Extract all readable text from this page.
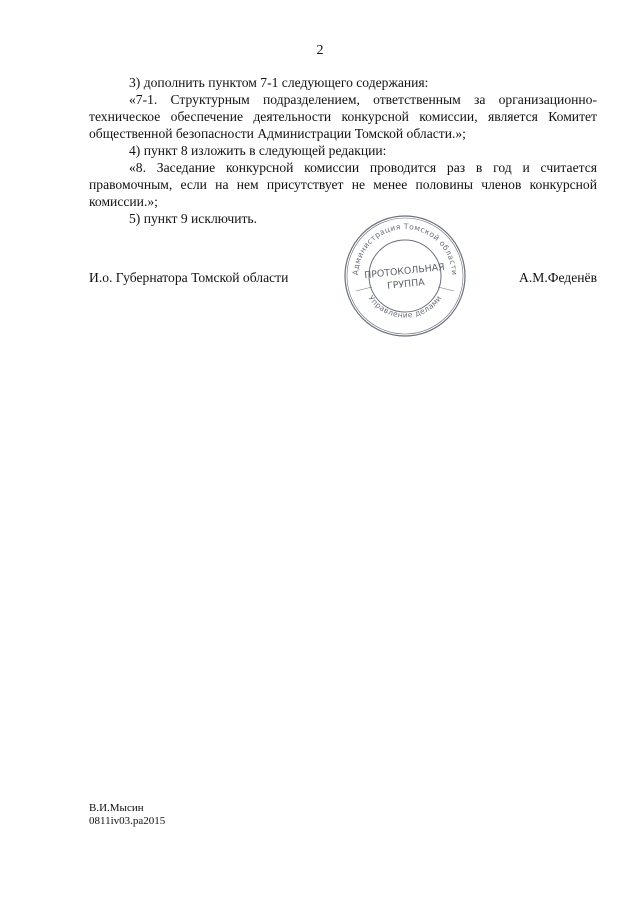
2

3) дополнить пунктом 7-1 следующего содержания:

«7-1. Структурным подразделением, ответственным за организационно-техническое обеспечение деятельности конкурсной комиссии, является Комитет общественной безопасности Администрации Томской области.»;

4) пункт 8 изложить в следующей редакции:

«8. Заседание конкурсной комиссии проводится раз в год и считается правомочным, если на нем присутствует не менее половины членов конкурсной комиссии.»;

5) пункт 9 исключить.

И.о. Губернатора Томской области	А.М.Феденёв
Администрация Томской области
Управление делами
ПРОТОКОЛЬНАЯ
ГРУППА
В.И.Мысин
0811iv03.pa2015
